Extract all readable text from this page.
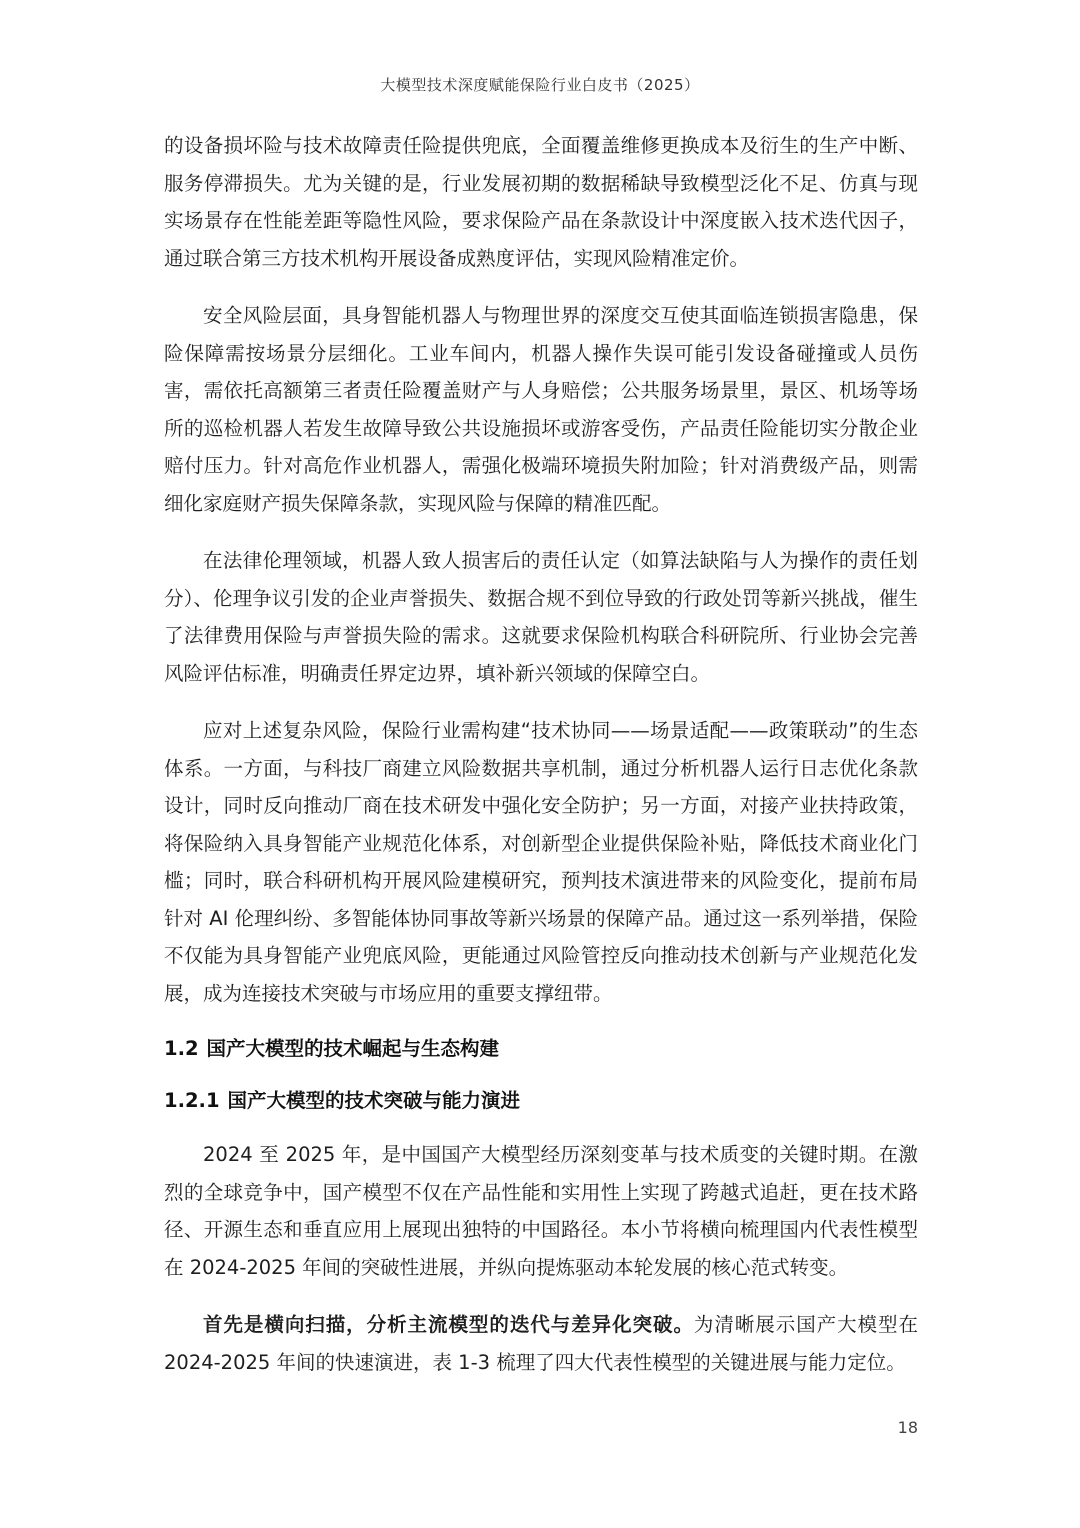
大模型技术深度赋能保险行业白皮书（2025）

的设备损坏险与技术故障责任险提供兜底，全面覆盖维修更换成本及衍生的生产中断、服务停滞损失。尤为关键的是，行业发展初期的数据稀缺导致模型泛化不足、仿真与现实场景存在性能差距等隐性风险，要求保险产品在条款设计中深度嵌入技术迭代因子，通过联合第三方技术机构开展设备成熟度评估，实现风险精准定价。

安全风险层面，具身智能机器人与物理世界的深度交互使其面临连锁损害隐患，保险保障需按场景分层细化。工业车间内，机器人操作失误可能引发设备碰撞或人员伤害，需依托高额第三者责任险覆盖财产与人身赔偿；公共服务场景里，景区、机场等场所的巡检机器人若发生故障导致公共设施损坏或游客受伤，产品责任险能切实分散企业赔付压力。针对高危作业机器人，需强化极端环境损失附加险；针对消费级产品，则需细化家庭财产损失保障条款，实现风险与保障的精准匹配。

在法律伦理领域，机器人致人损害后的责任认定（如算法缺陷与人为操作的责任划分）、伦理争议引发的企业声誉损失、数据合规不到位导致的行政处罚等新兴挑战，催生了法律费用保险与声誉损失险的需求。这就要求保险机构联合科研院所、行业协会完善风险评估标准，明确责任界定边界，填补新兴领域的保障空白。

应对上述复杂风险，保险行业需构建“技术协同——场景适配——政策联动”的生态体系。一方面，与科技厂商建立风险数据共享机制，通过分析机器人运行日志优化条款设计，同时反向推动厂商在技术研发中强化安全防护；另一方面，对接产业扶持政策，将保险纳入具身智能产业规范化体系，对创新型企业提供保险补贴，降低技术商业化门槛；同时，联合科研机构开展风险建模研究，预判技术演进带来的风险变化，提前布局针对 AI 伦理纠纷、多智能体协同事故等新兴场景的保障产品。通过这一系列举措，保险不仅能为具身智能产业兜底风险，更能通过风险管控反向推动技术创新与产业规范化发展，成为连接技术突破与市场应用的重要支撑纽带。

1.2 国产大模型的技术崛起与生态构建
1.2.1 国产大模型的技术突破与能力演进

2024 至 2025 年，是中国国产大模型经历深刻变革与技术质变的关键时期。在激烈的全球竞争中，国产模型不仅在产品性能和实用性上实现了跨越式追赶，更在技术路径、开源生态和垂直应用上展现出独特的中国路径。本小节将横向梳理国内代表性模型在 2024-2025 年间的突破性进展，并纵向提炼驱动本轮发展的核心范式转变。

首先是横向扫描，分析主流模型的迭代与差异化突破。为清晰展示国产大模型在 2024-2025 年间的快速演进，表 1-3 梳理了四大代表性模型的关键进展与能力定位。

18
